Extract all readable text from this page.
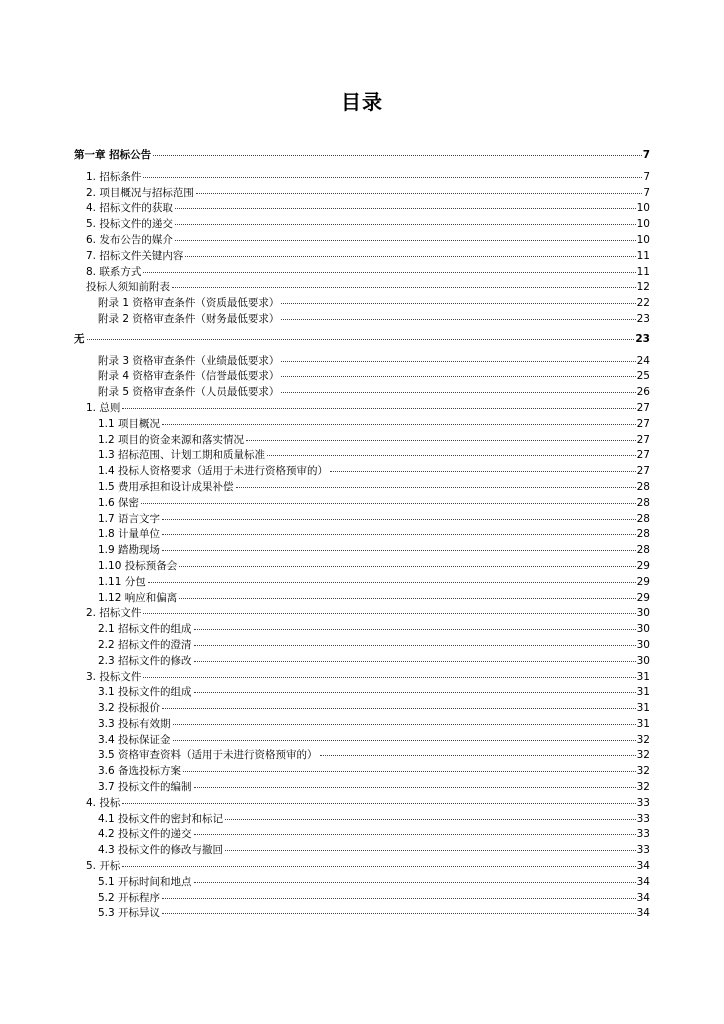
目录
第一章 招标公告	7
1. 招标条件	7
2. 项目概况与招标范围	7
4. 招标文件的获取	10
5. 投标文件的递交	10
6. 发布公告的媒介	10
7. 招标文件关键内容	11
8. 联系方式	11
投标人须知前附表	12
附录 1 资格审查条件（资质最低要求）	22
附录 2 资格审查条件（财务最低要求）	23
无	23
附录 3 资格审查条件（业绩最低要求）	24
附录 4 资格审查条件（信誉最低要求）	25
附录 5 资格审查条件（人员最低要求）	26
1. 总则	27
1.1 项目概况	27
1.2 项目的资金来源和落实情况	27
1.3 招标范围、计划工期和质量标准	27
1.4 投标人资格要求（适用于未进行资格预审的）	27
1.5 费用承担和设计成果补偿	28
1.6 保密	28
1.7 语言文字	28
1.8 计量单位	28
1.9 踏勘现场	28
1.10 投标预备会	29
1.11 分包	29
1.12 响应和偏离	29
2. 招标文件	30
2.1 招标文件的组成	30
2.2 招标文件的澄清	30
2.3 招标文件的修改	30
3. 投标文件	31
3.1 投标文件的组成	31
3.2 投标报价	31
3.3 投标有效期	31
3.4 投标保证金	32
3.5 资格审查资料（适用于未进行资格预审的）	32
3.6 备选投标方案	32
3.7 投标文件的编制	32
4. 投标	33
4.1 投标文件的密封和标记	33
4.2 投标文件的递交	33
4.3 投标文件的修改与撤回	33
5. 开标	34
5.1 开标时间和地点	34
5.2 开标程序	34
5.3 开标异议	34
